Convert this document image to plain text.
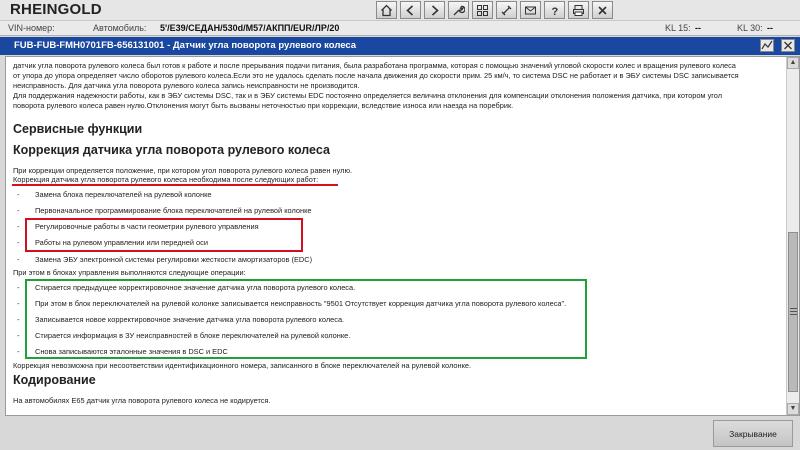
RHEINGOLD	?
VIN-номер:	Автомобиль: 5'/E39/СЕДАН/530d/M57/АКПП/EUR/ЛР/20	KL 15: --	KL 30: --
FUB-FUB-FMH0701FB-656131001 - Датчик угла поворота рулевого колеса
датчик угла поворота рулевого колеса был готов к работе и после прерывания подачи питания, была разработана программа, которая с помощью значений угловой скорости колес и вращения рулевого колеса
от упора до упора определяет число оборотов рулевого колеса.Если это не удалось сделать после начала движения до скорости прим. 25 км/ч, то система DSC не работает и в ЭБУ системы DSC записывается
неисправность. Для датчика угла поворота рулевого колеса запись неисправности не производится.
Для поддержания надежности работы, как в ЭБУ системы DSC, так и в ЭБУ системы EDC постоянно определяется величина отклонения для компенсации отклонения положения датчика, при котором угол
поворота рулевого колеса равен нулю.Отклонения могут быть вызваны неточностью при коррекции, вследствие износа или наезда на поребрик.
Сервисные функции
Коррекция датчика угла поворота рулевого колеса
При коррекции определяется положение, при котором угол поворота рулевого колеса равен нулю.
Коррекция датчика угла поворота рулевого колеса необходима после следующих работ:
- Замена блока переключателей на рулевой колонке
- Первоначальное программирование блока переключателей на рулевой колонке
- Регулировочные работы в части геометрии рулевого управления
- Работы на рулевом управлении или передней оси
- Замена ЭБУ электронной системы регулировки жесткости амортизаторов (EDC)
При этом в блоках управления выполняются следующие операции:
- Стирается предыдущее корректировочное значение датчика угла поворота рулевого колеса.
- При этом в блок переключателей на рулевой колонке записывается неисправность "9501 Отсутствует коррекция датчика угла поворота рулевого колеса".
- Записывается новое корректировочное значение датчика угла поворота рулевого колеса.
- Стирается информация в ЗУ неисправностей в блоке переключателей на рулевой колонке.
- Снова записываются эталонные значения в DSC и EDC
Коррекция невозможна при несоответствии идентификационного номера, записанного в блоке переключателей на рулевой колонке.
Кодирование
На автомобилях E65 датчик угла поворота рулевого колеса не кодируется.
▲
▼
Закрывание
